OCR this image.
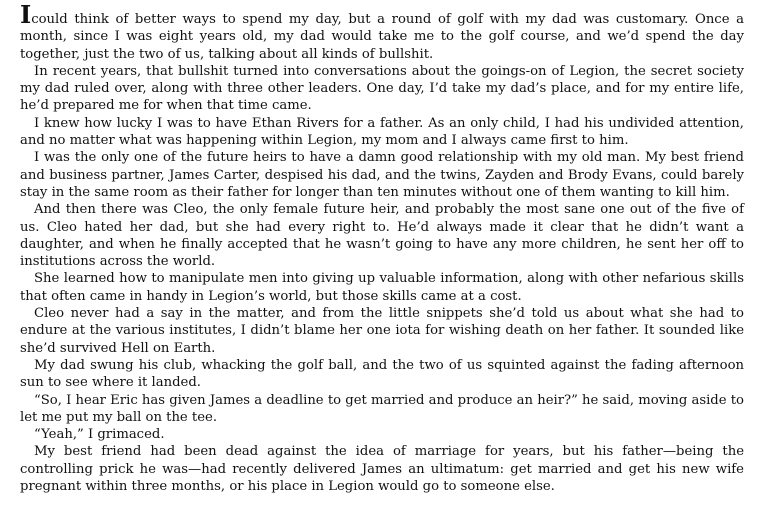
Icould think of better ways to spend my day, but a round of golf with my dad was customary. Once a month, since I was eight years old, my dad would take me to the golf course, and we’d spend the day together, just the two of us, talking about all kinds of bullshit.

In recent years, that bullshit turned into conversations about the goings-on of Legion, the secret society my dad ruled over, along with three other leaders. One day, I’d take my dad’s place, and for my entire life, he’d prepared me for when that time came.

I knew how lucky I was to have Ethan Rivers for a father. As an only child, I had his undivided attention, and no matter what was happening within Legion, my mom and I always came first to him.

I was the only one of the future heirs to have a damn good relationship with my old man. My best friend and business partner, James Carter, despised his dad, and the twins, Zayden and Brody Evans, could barely stay in the same room as their father for longer than ten minutes without one of them wanting to kill him.

And then there was Cleo, the only female future heir, and probably the most sane one out of the five of us. Cleo hated her dad, but she had every right to. He’d always made it clear that he didn’t want a daughter, and when he finally accepted that he wasn’t going to have any more children, he sent her off to institutions across the world.

She learned how to manipulate men into giving up valuable information, along with other nefarious skills that often came in handy in Legion’s world, but those skills came at a cost.

Cleo never had a say in the matter, and from the little snippets she’d told us about what she had to endure at the various institutes, I didn’t blame her one iota for wishing death on her father. It sounded like she’d survived Hell on Earth.

My dad swung his club, whacking the golf ball, and the two of us squinted against the fading afternoon sun to see where it landed.

“So, I hear Eric has given James a deadline to get married and produce an heir?” he said, moving aside to let me put my ball on the tee.

“Yeah,” I grimaced.

My best friend had been dead against the idea of marriage for years, but his father—being the controlling prick he was—had recently delivered James an ultimatum: get married and get his new wife pregnant within three months, or his place in Legion would go to someone else.
